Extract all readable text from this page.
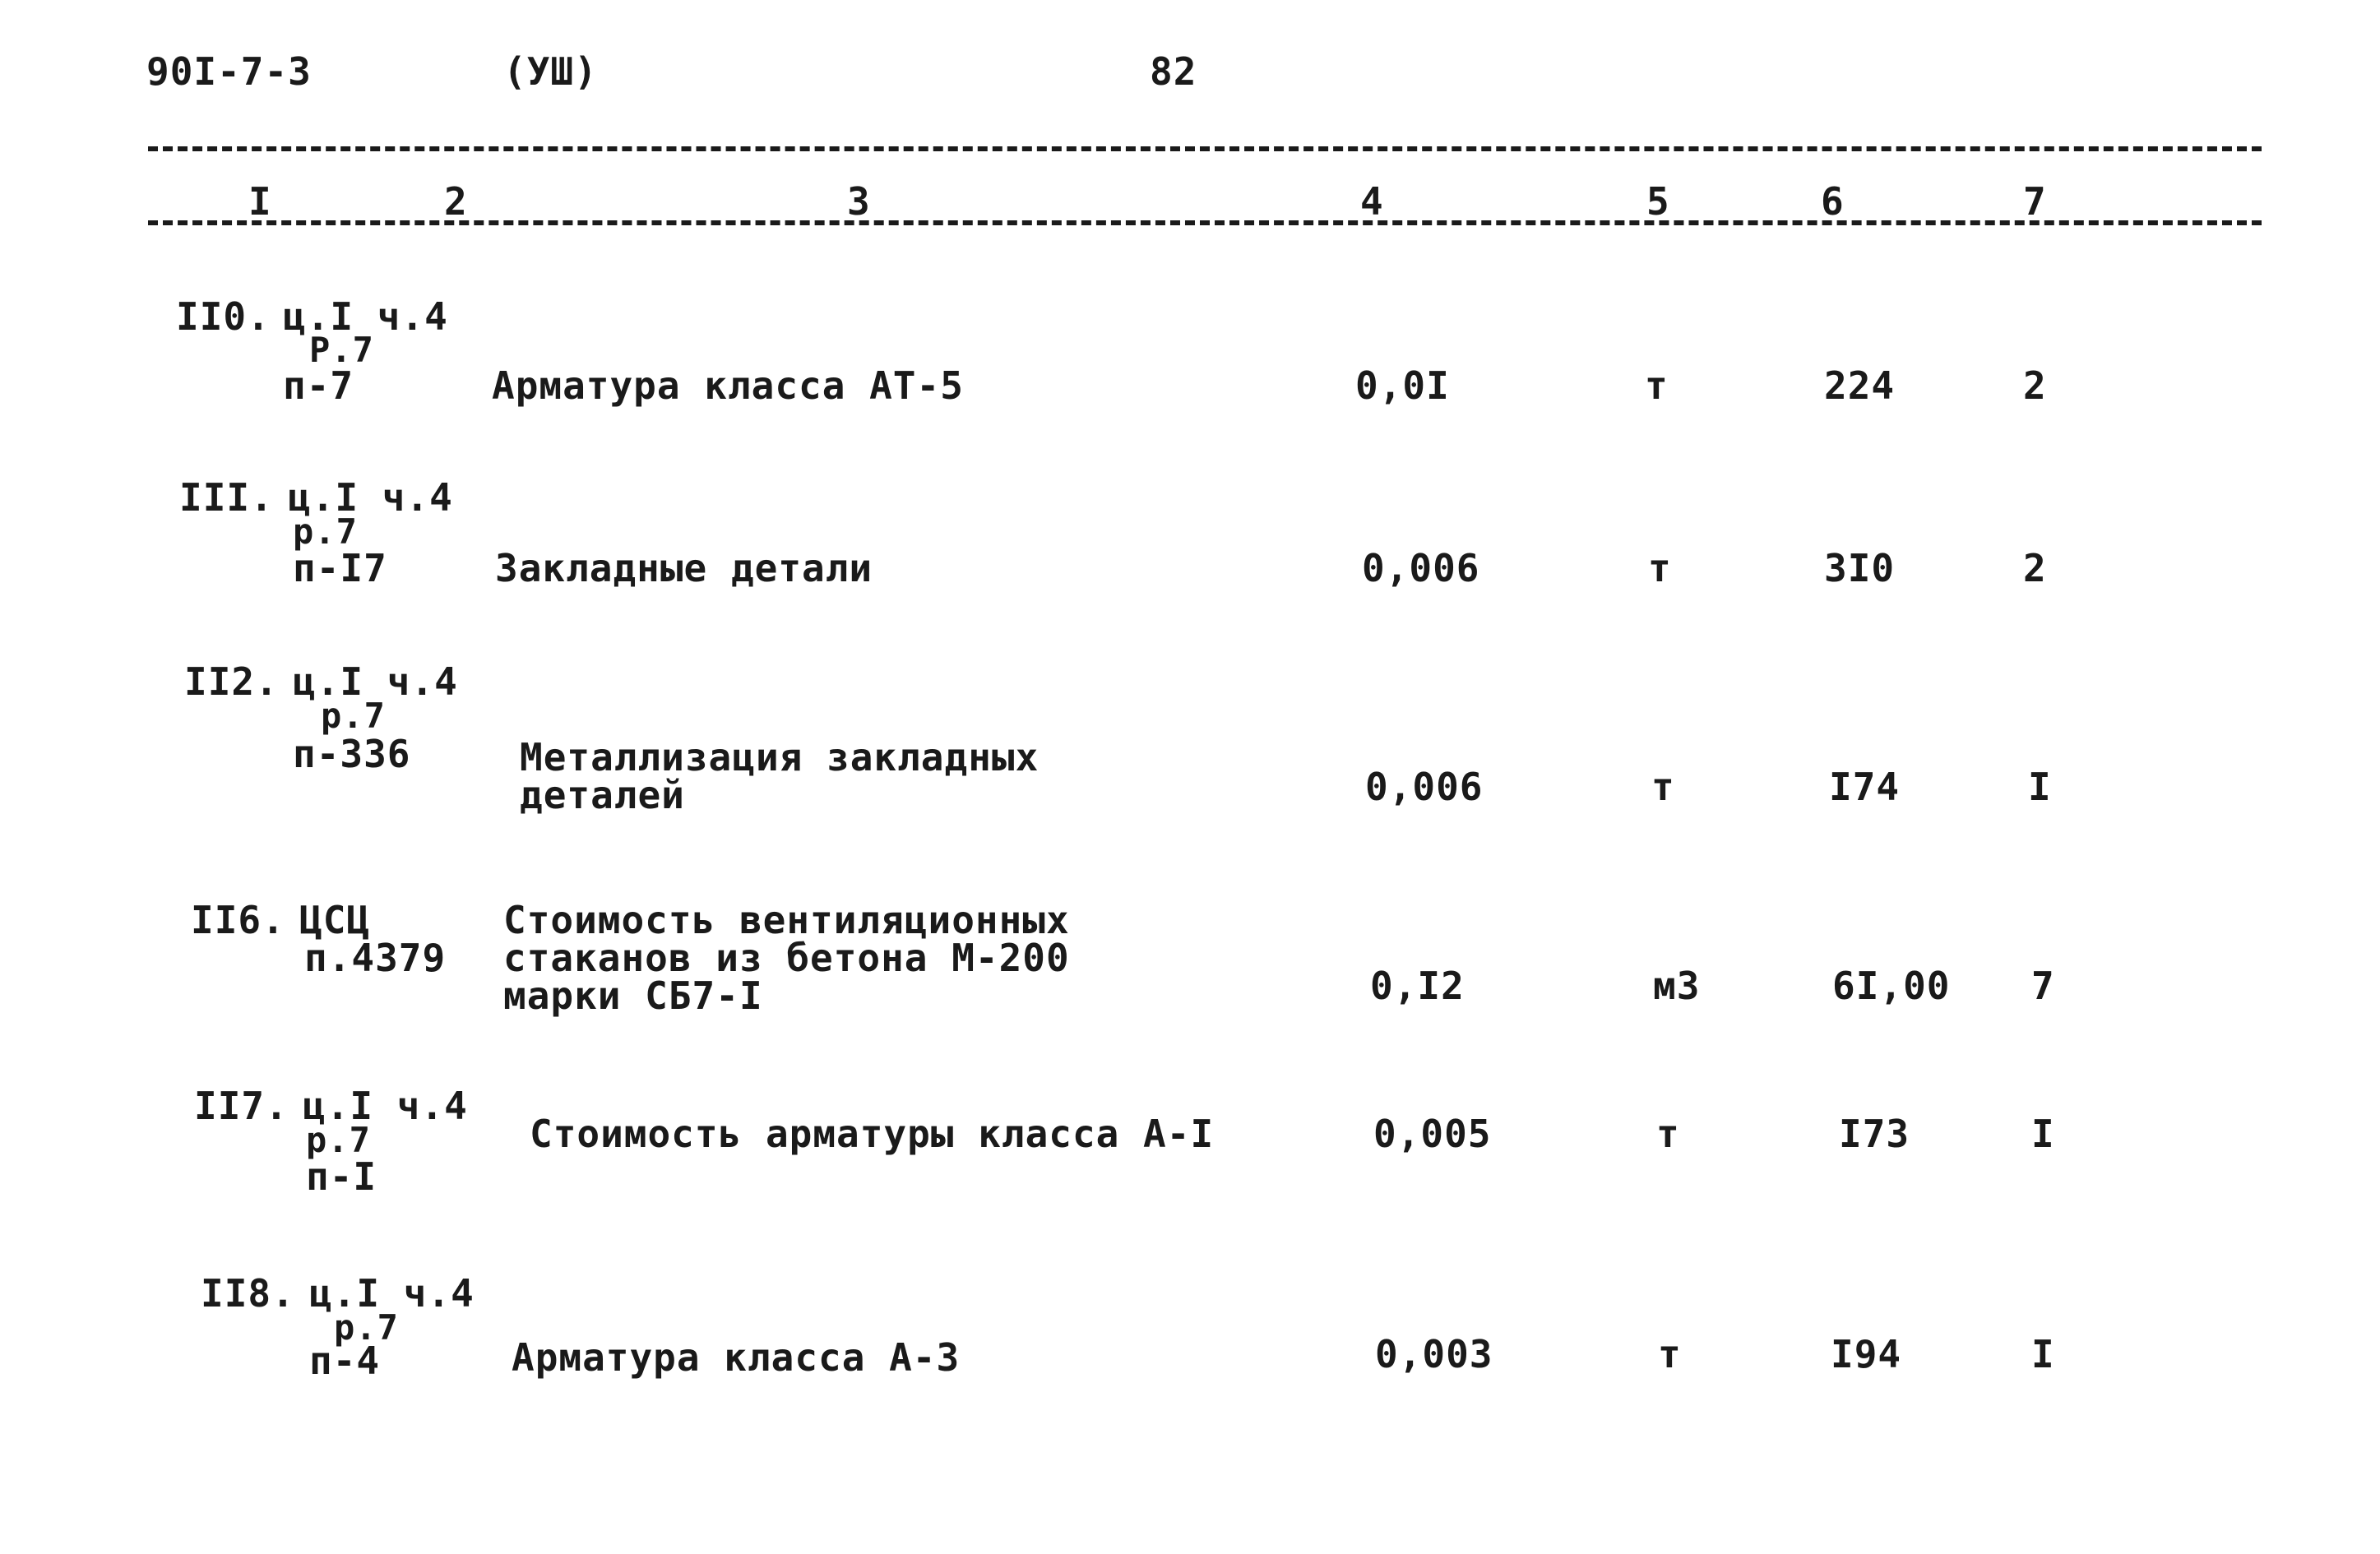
90I-7-3	(УШ)	82
I	2	3	4	5	6	7
II0. ц.I ч.4
Р.7
п-7	Арматура класса АТ-5	0,0I	т	224	2
III. ц.I ч.4
р.7
п-I7	Закладные детали	0,006	т	3I0	2
II2. ц.I ч.4
р.7
п-336	Металлизация закладных
деталей	0,006	т	I74	I
II6. ЦСЦ
п.4379
Стоимость вентиляционных
стаканов из бетона М-200
марки СБ7-I	0,I2	м3	6I,00 7
II7. ц.I ч.4
р.7
п-I
Стоимость арматуры класса А-I	0,005	т	I73	I
II8. ц.I ч.4
р.7
п-4	Арматура класса А-3	0,003	т	I94	I
